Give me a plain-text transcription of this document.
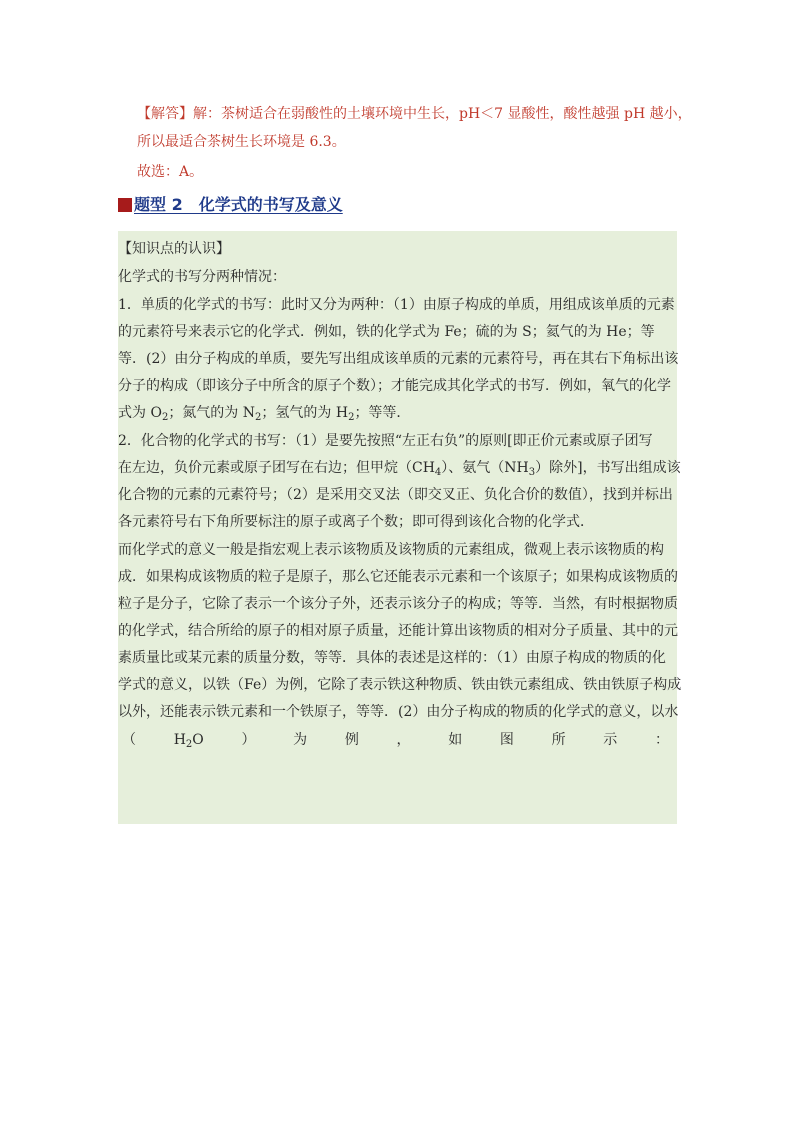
【解答】解：茶树适合在弱酸性的土壤环境中生长，pH＜7 显酸性，酸性越强 pH 越小，
所以最适合茶树生长环境是 6.3。
故选：A。
题型 2　化学式的书写及意义
【知识点的认识】
化学式的书写分两种情况：
1．单质的化学式的书写：此时又分为两种：（1）由原子构成的单质，用组成该单质的元素
的元素符号来表示它的化学式．例如，铁的化学式为 Fe；硫的为 S；氦气的为 He；等
等．(2）由分子构成的单质，要先写出组成该单质的元素的元素符号，再在其右下角标出该
分子的构成（即该分子中所含的原子个数）；才能完成其化学式的书写．例如，氧气的化学
式为 $O_2$；氮气的为 $N_2$；氢气的为 $H_2$；等等．
2．化合物的化学式的书写：（1）是要先按照“左正右负”的原则[即正价元素或原子团写
在左边，负价元素或原子团写在右边；但甲烷$(CH_4)$、氨气$(NH_3)$除外]，书写出组成该
化合物的元素的元素符号；（2）是采用交叉法（即交叉正、负化合价的数值），找到并标出
各元素符号右下角所要标注的原子或离子个数；即可得到该化合物的化学式．
而化学式的意义一般是指宏观上表示该物质及该物质的元素组成，微观上表示该物质的构
成．如果构成该物质的粒子是原子，那么它还能表示元素和一个该原子；如果构成该物质的
粒子是分子，它除了表示一个该分子外，还表示该分子的构成；等等．当然，有时根据物质
的化学式，结合所给的原子的相对原子质量，还能计算出该物质的相对分子质量、其中的元
素质量比或某元素的质量分数，等等．具体的表述是这样的：（1）由原子构成的物质的化
学式的意义，以铁（Fe）为例，它除了表示铁这种物质、铁由铁元素组成、铁由铁原子构成
以外，还能表示铁元素和一个铁原子，等等．(2）由分子构成的物质的化学式的意义，以水
（	$H_2O$	）	为	例	，	如	图	所	示	：
